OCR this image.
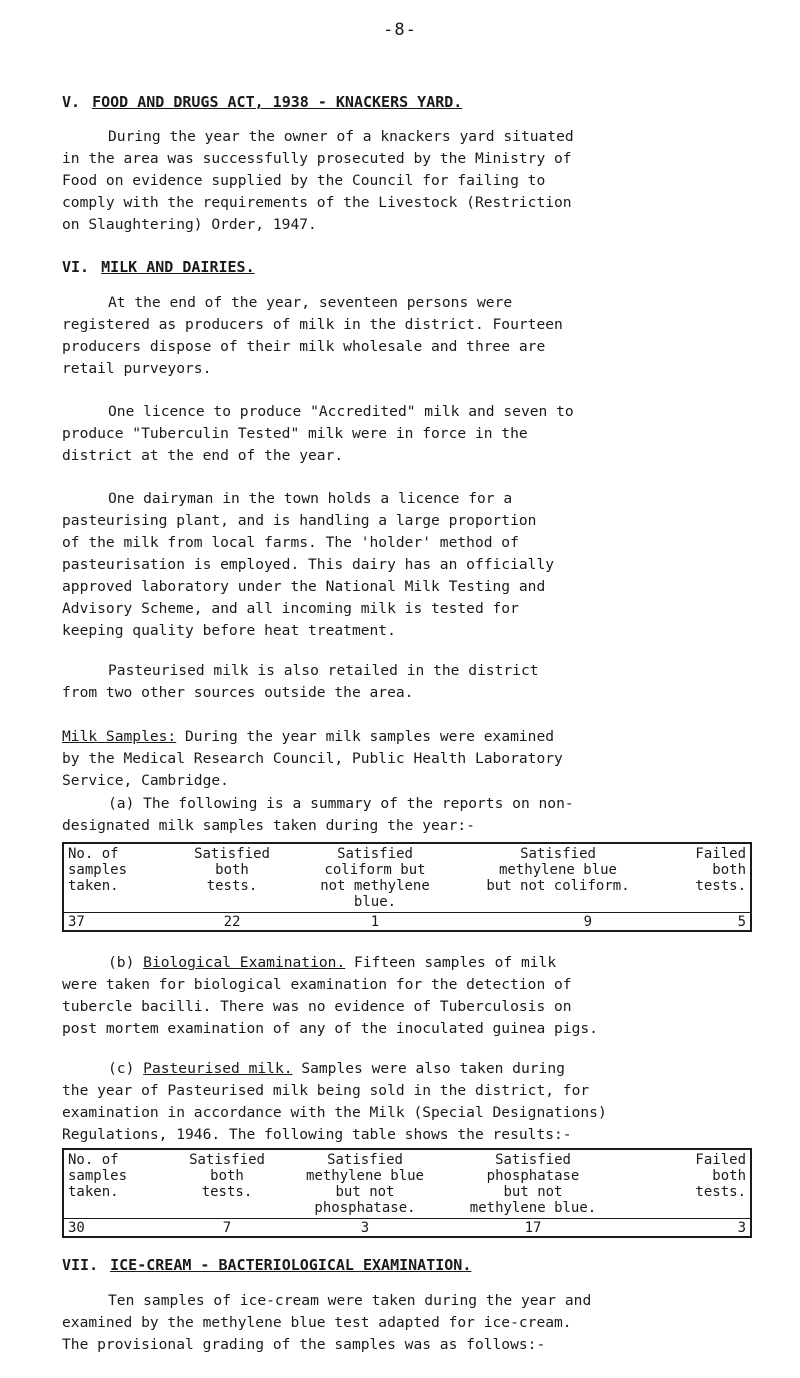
-8-
V. FOOD AND DRUGS ACT, 1938 - KNACKERS YARD.
During the year the owner of a knackers yard situated
in the area was successfully prosecuted by the Ministry of
Food on evidence supplied by the Council for failing to
comply with the requirements of the Livestock (Restriction
on Slaughtering) Order, 1947.
VI. MILK AND DAIRIES.
At the end of the year, seventeen persons were
registered as producers of milk in the district. Fourteen
producers dispose of their milk wholesale and three are
retail purveyors.
One licence to produce "Accredited" milk and seven to
produce "Tuberculin Tested" milk were in force in the
district at the end of the year.
One dairyman in the town holds a licence for a
pasteurising plant, and is handling a large proportion
of the milk from local farms. The 'holder' method of
pasteurisation is employed. This dairy has an officially
approved laboratory under the National Milk Testing and
Advisory Scheme, and all incoming milk is tested for
keeping quality before heat treatment.
Pasteurised milk is also retailed in the district
from two other sources outside the area.
Milk Samples: During the year milk samples were examined
by the Medical Research Council, Public Health Laboratory
Service, Cambridge.
(a) The following is a summary of the reports on non-
designated milk samples taken during the year:-
No. of
samples
taken.	Satisfied
both
tests.	Satisfied
coliform but
not methylene
blue.	Satisfied
methylene blue
but not coliform.	Failed
both
tests.

37	22	1	9	5
(b) Biological Examination. Fifteen samples of milk
were taken for biological examination for the detection of
tubercle bacilli. There was no evidence of Tuberculosis on
post mortem examination of any of the inoculated guinea pigs.
(c) Pasteurised milk. Samples were also taken during
the year of Pasteurised milk being sold in the district, for
examination in accordance with the Milk (Special Designations)
Regulations, 1946. The following table shows the results:-
No. of
samples
taken.	Satisfied
both
tests.	Satisfied
methylene blue
but not
phosphatase.	Satisfied
phosphatase
but not
methylene blue.	Failed
both
tests.

30	7	3	17	3
VII. ICE-CREAM - BACTERIOLOGICAL EXAMINATION.
Ten samples of ice-cream were taken during the year and
examined by the methylene blue test adapted for ice-cream.
The provisional grading of the samples was as follows:-
